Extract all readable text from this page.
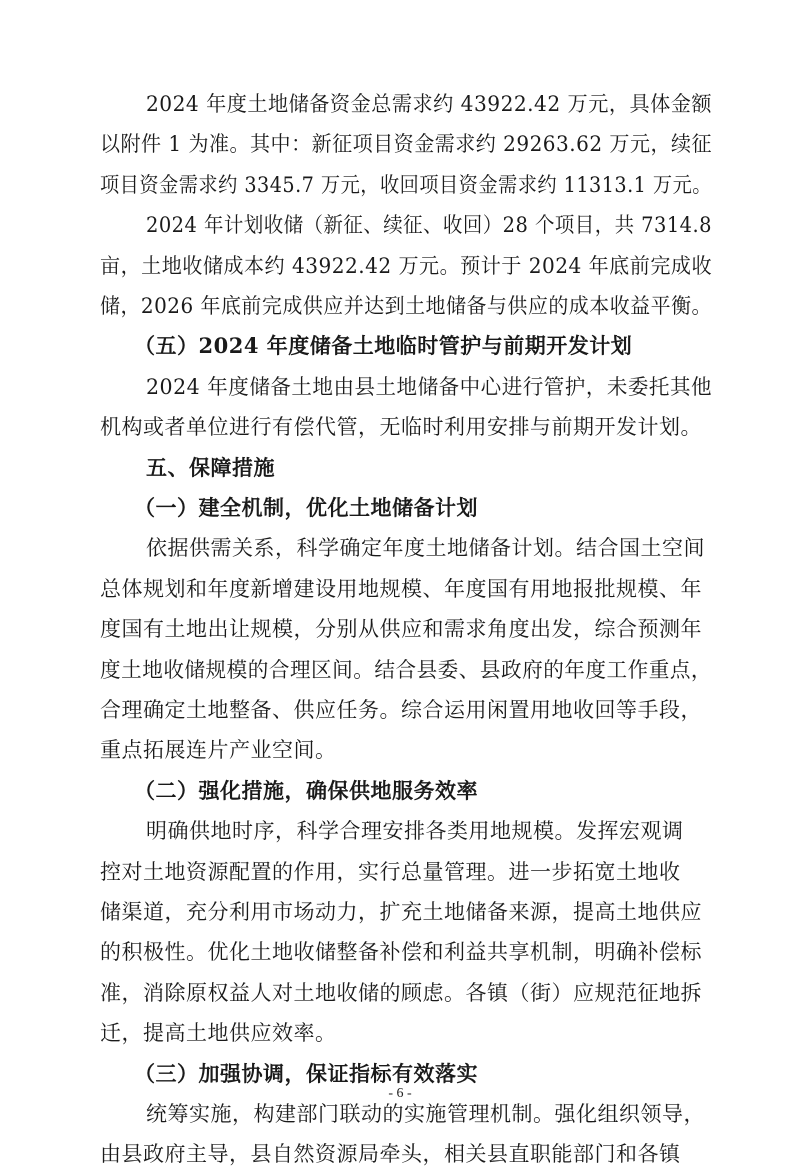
2024 年度土地储备资金总需求约 43922.42 万元，具体金额
以附件 1 为准。其中：新征项目资金需求约 29263.62 万元，续征
项目资金需求约 3345.7 万元，收回项目资金需求约 11313.1 万元。
2024 年计划收储（新征、续征、收回）28 个项目，共 7314.8
亩，土地收储成本约 43922.42 万元。预计于 2024 年底前完成收
储，2026 年底前完成供应并达到土地储备与供应的成本收益平衡。
（五）2024 年度储备土地临时管护与前期开发计划
2024 年度储备土地由县土地储备中心进行管护，未委托其他
机构或者单位进行有偿代管，无临时利用安排与前期开发计划。
五、保障措施
（一）建全机制，优化土地储备计划
依据供需关系，科学确定年度土地储备计划。结合国土空间
总体规划和年度新增建设用地规模、年度国有用地报批规模、年
度国有土地出让规模，分别从供应和需求角度出发，综合预测年
度土地收储规模的合理区间。结合县委、县政府的年度工作重点，
合理确定土地整备、供应任务。综合运用闲置用地收回等手段，
重点拓展连片产业空间。
（二）强化措施，确保供地服务效率
明确供地时序，科学合理安排各类用地规模。发挥宏观调
控对土地资源配置的作用，实行总量管理。进一步拓宽土地收
储渠道，充分利用市场动力，扩充土地储备来源，提高土地供应
的积极性。优化土地收储整备补偿和利益共享机制，明确补偿标
准，消除原权益人对土地收储的顾虑。各镇（街）应规范征地拆
迁，提高土地供应效率。
（三）加强协调，保证指标有效落实
统筹实施，构建部门联动的实施管理机制。强化组织领导，
由县政府主导，县自然资源局牵头，相关县直职能部门和各镇
- 6 -
